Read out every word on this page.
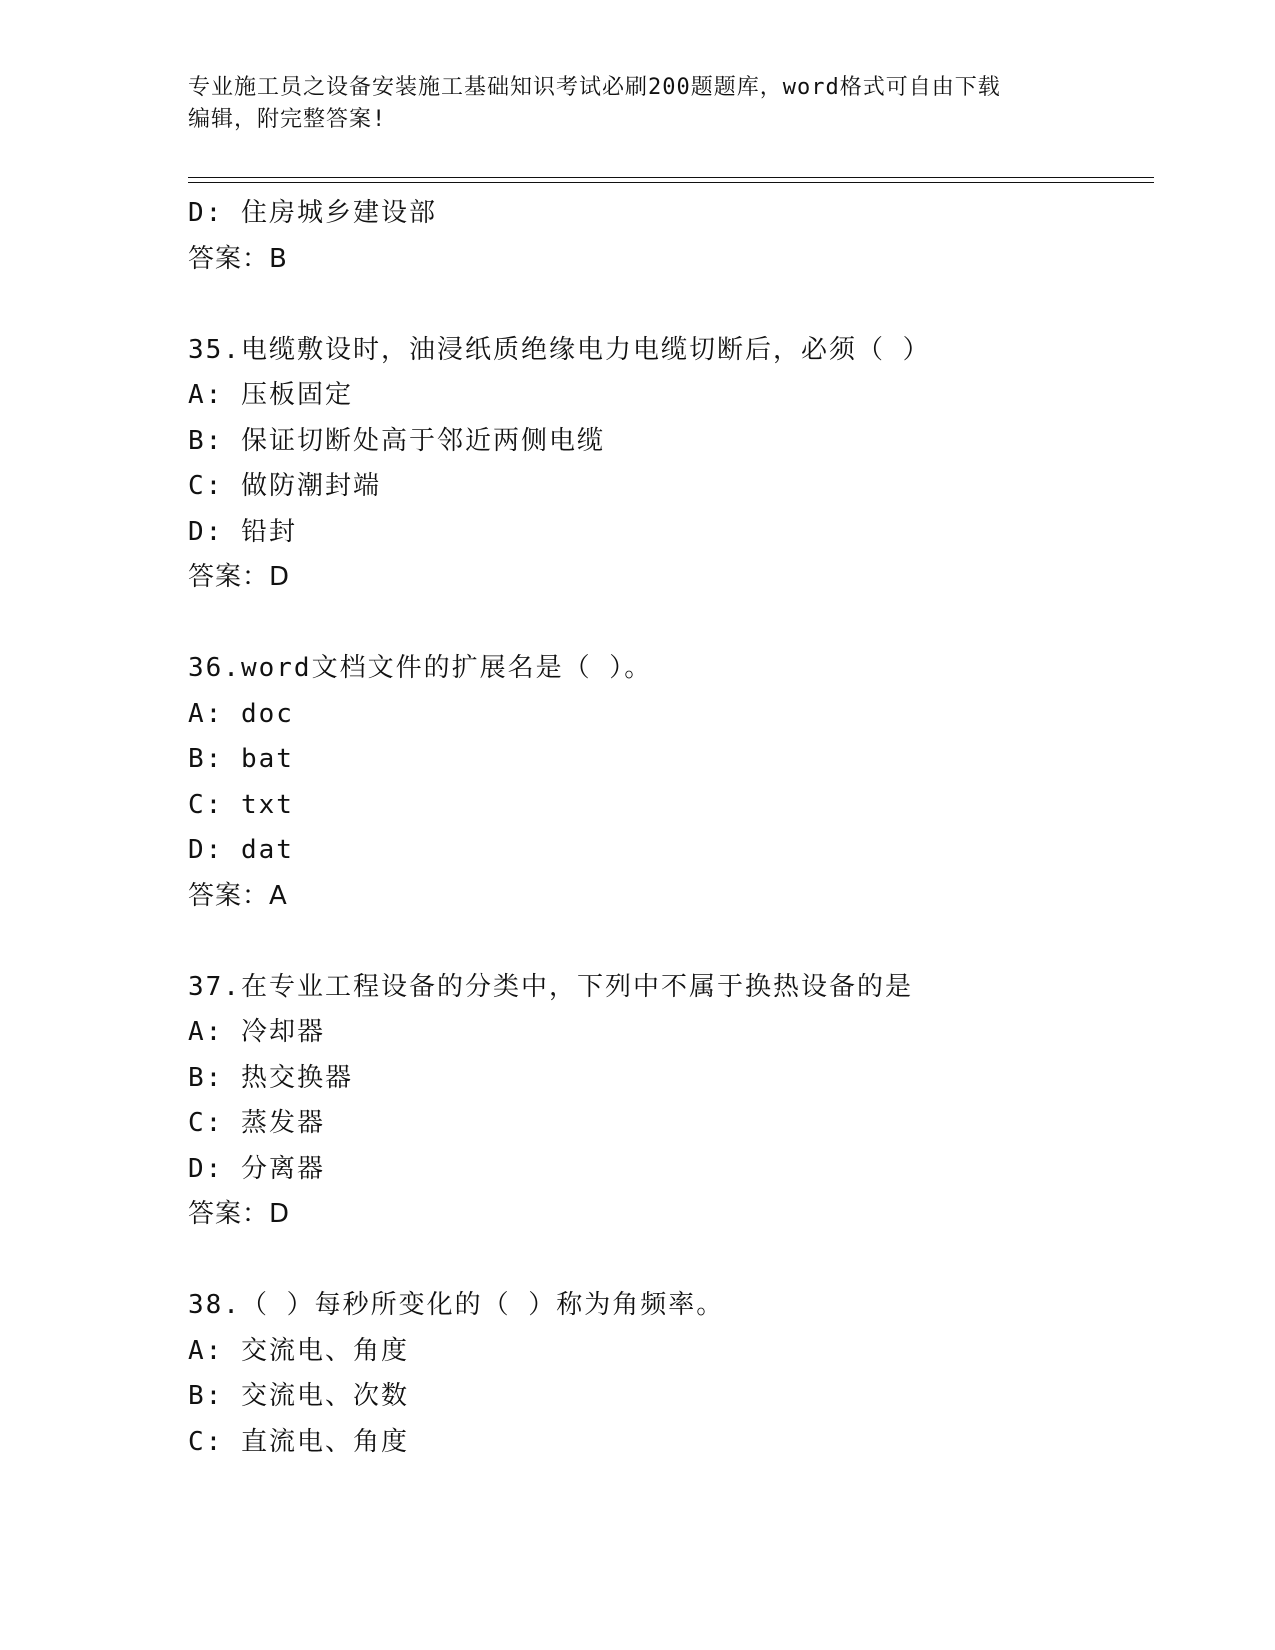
专业施工员之设备安装施工基础知识考试必刷200题题库，word格式可自由下载
编辑，附完整答案!
D: 住房城乡建设部
答案：B
35.电缆敷设时，油浸纸质绝缘电力电缆切断后，必须（ ）
A: 压板固定
B: 保证切断处高于邻近两侧电缆
C: 做防潮封端
D: 铅封
答案：D
36.word文档文件的扩展名是（ ）。
A: doc
B: bat
C: txt
D: dat
答案：A
37.在专业工程设备的分类中，下列中不属于换热设备的是
A: 冷却器
B: 热交换器
C: 蒸发器
D: 分离器
答案：D
38.（ ）每秒所变化的（ ）称为角频率。
A: 交流电、角度
B: 交流电、次数
C: 直流电、角度
